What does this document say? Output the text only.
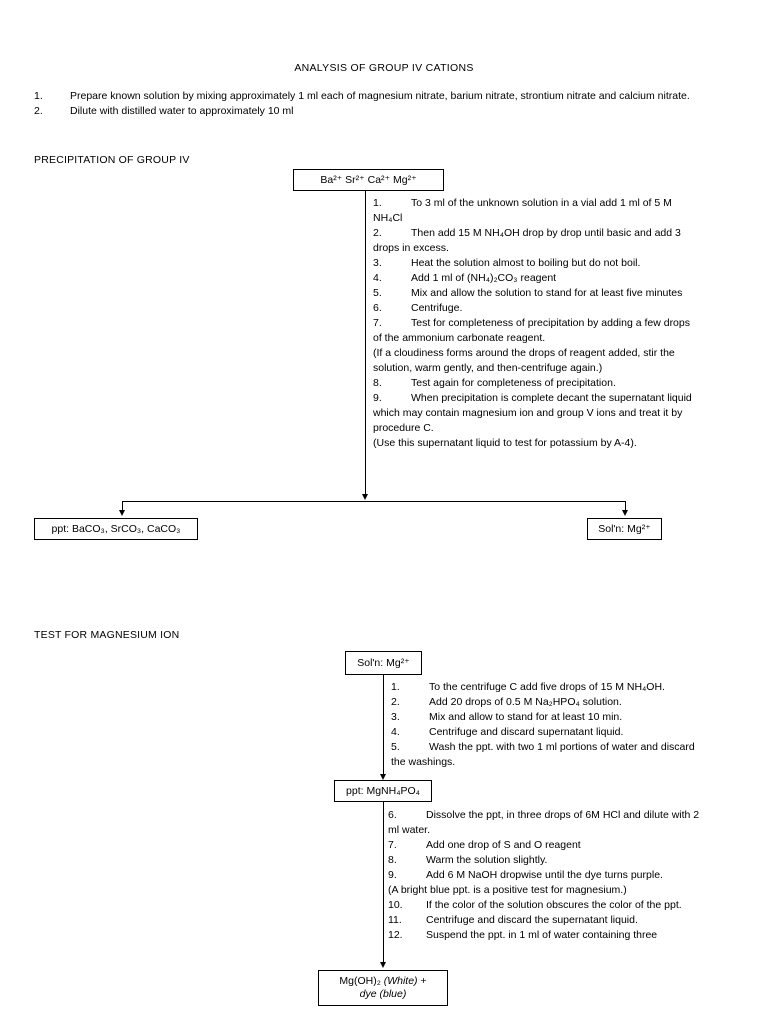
ANALYSIS OF GROUP IV CATIONS
1.	Prepare known solution by mixing approximately 1 ml each of magnesium nitrate, barium nitrate, strontium nitrate and calcium nitrate.
2.	Dilute with distilled water to approximately 10 ml
PRECIPITATION OF GROUP IV
Ba²⁺ Sr²⁺ Ca²⁺ Mg²⁺
1.	To 3 ml of the unknown solution in a vial add 1 ml of 5 M NH₄Cl
2.	Then add 15 M NH₄OH drop by drop until basic and add 3 drops in excess.
3.	Heat the solution almost to boiling but do not boil.
4.	Add 1 ml of (NH₄)₂CO₃ reagent
5.	Mix and allow the solution to stand for at least five minutes
6.	Centrifuge.
7.	Test for completeness of precipitation by adding a few drops of the ammonium carbonate reagent.
(If a cloudiness forms around the drops of reagent added, stir the solution, warm gently, and then-centrifuge again.)
8.	Test again for completeness of precipitation.
9.	When precipitation is complete decant the supernatant liquid which may contain magnesium ion and group V ions and treat it by procedure C.
(Use this supernatant liquid to test for potassium by A-4).
ppt: BaCO₃, SrCO₃, CaCO₃	Sol'n: Mg²⁺
TEST FOR MAGNESIUM ION
Sol'n: Mg²⁺
1.	To the centrifuge C add five drops of 15 M NH₄OH.
2.	Add 20 drops of 0.5 M Na₂HPO₄ solution.
3.	Mix and allow to stand for at least 10 min.
4.	Centrifuge and discard supernatant liquid.
5.	Wash the ppt. with two 1 ml portions of water and discard the washings.
ppt: MgNH₄PO₄
6.	Dissolve the ppt, in three drops of 6M HCl and dilute with 2 ml water.
7.	Add one drop of S and O reagent
8.	Warm the solution slightly.
9.	Add 6 M NaOH dropwise until the dye turns purple.
(A bright blue ppt. is a positive test for magnesium.)
10. If the color of the solution obscures the color of the ppt.
11. Centrifuge and discard the supernatant liquid.
12. Suspend the ppt. in 1 ml of water containing three
Mg(OH)₂ (White) +
dye (blue)
